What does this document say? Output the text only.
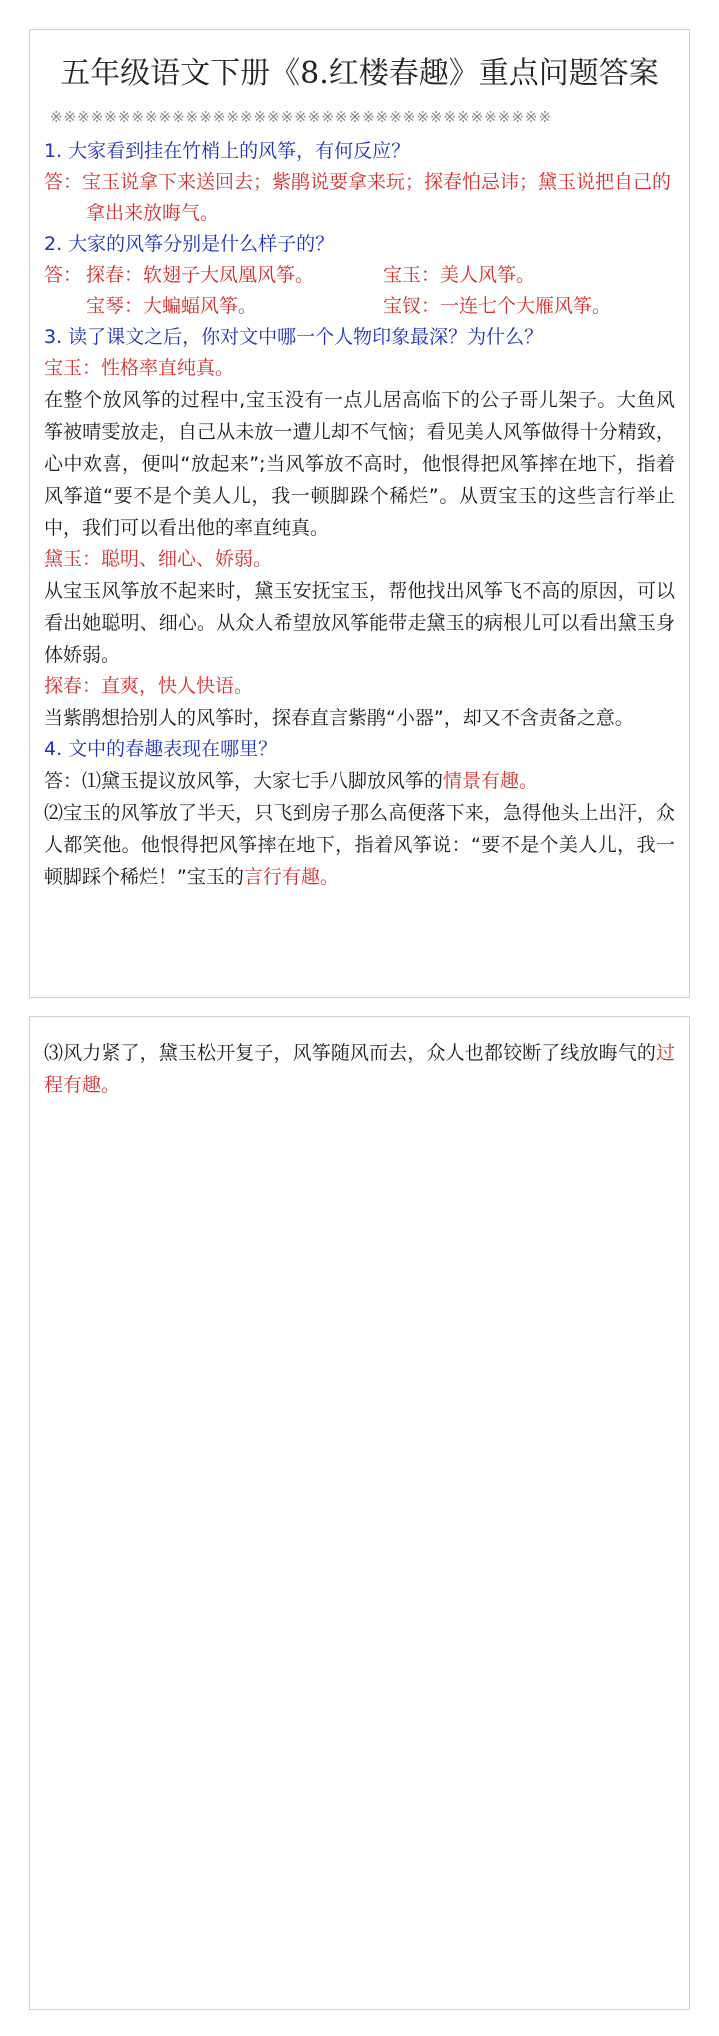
五年级语文下册《8.红楼春趣》重点问题答案
※※※※※※※※※※※※※※※※※※※※※※※※※※※※※※※※※※※※※

1. 大家看到挂在竹梢上的风筝，有何反应？

答：宝玉说拿下来送回去；紫鹃说要拿来玩；探春怕忌讳；黛玉说把自己的拿出来放晦气。

2. 大家的风筝分别是什么样子的？

答： 探春：软翅子大凤凰风筝。	宝玉：美人风筝。
宝琴：大蝙蝠风筝。	宝钗：一连七个大雁风筝。

3. 读了课文之后，你对文中哪一个人物印象最深？为什么？

宝玉：性格率直纯真。

在整个放风筝的过程中,宝玉没有一点儿居高临下的公子哥儿架子。大鱼风筝被晴雯放走，自己从未放一遭儿却不气恼；看见美人风筝做得十分精致，心中欢喜，便叫“放起来”;当风筝放不高时，他恨得把风筝摔在地下，指着风筝道“要不是个美人儿，我一顿脚跺个稀烂”。从贾宝玉的这些言行举止中，我们可以看出他的率直纯真。

黛玉：聪明、细心、娇弱。

从宝玉风筝放不起来时，黛玉安抚宝玉，帮他找出风筝飞不高的原因，可以看出她聪明、细心。从众人希望放风筝能带走黛玉的病根儿可以看出黛玉身体娇弱。

探春：直爽，快人快语。

当紫鹃想拾别人的风筝时，探春直言紫鹃“小器”，却又不含责备之意。

4. 文中的春趣表现在哪里？

答：⑴黛玉提议放风筝，大家七手八脚放风筝的情景有趣。

⑵宝玉的风筝放了半天，只飞到房子那么高便落下来，急得他头上出汗，众人都笑他。他恨得把风筝摔在地下，指着风筝说：“要不是个美人儿，我一顿脚踩个稀烂！”宝玉的言行有趣。

⑶风力紧了，黛玉松开复子，风筝随风而去，众人也都铰断了线放晦气的过程有趣。
